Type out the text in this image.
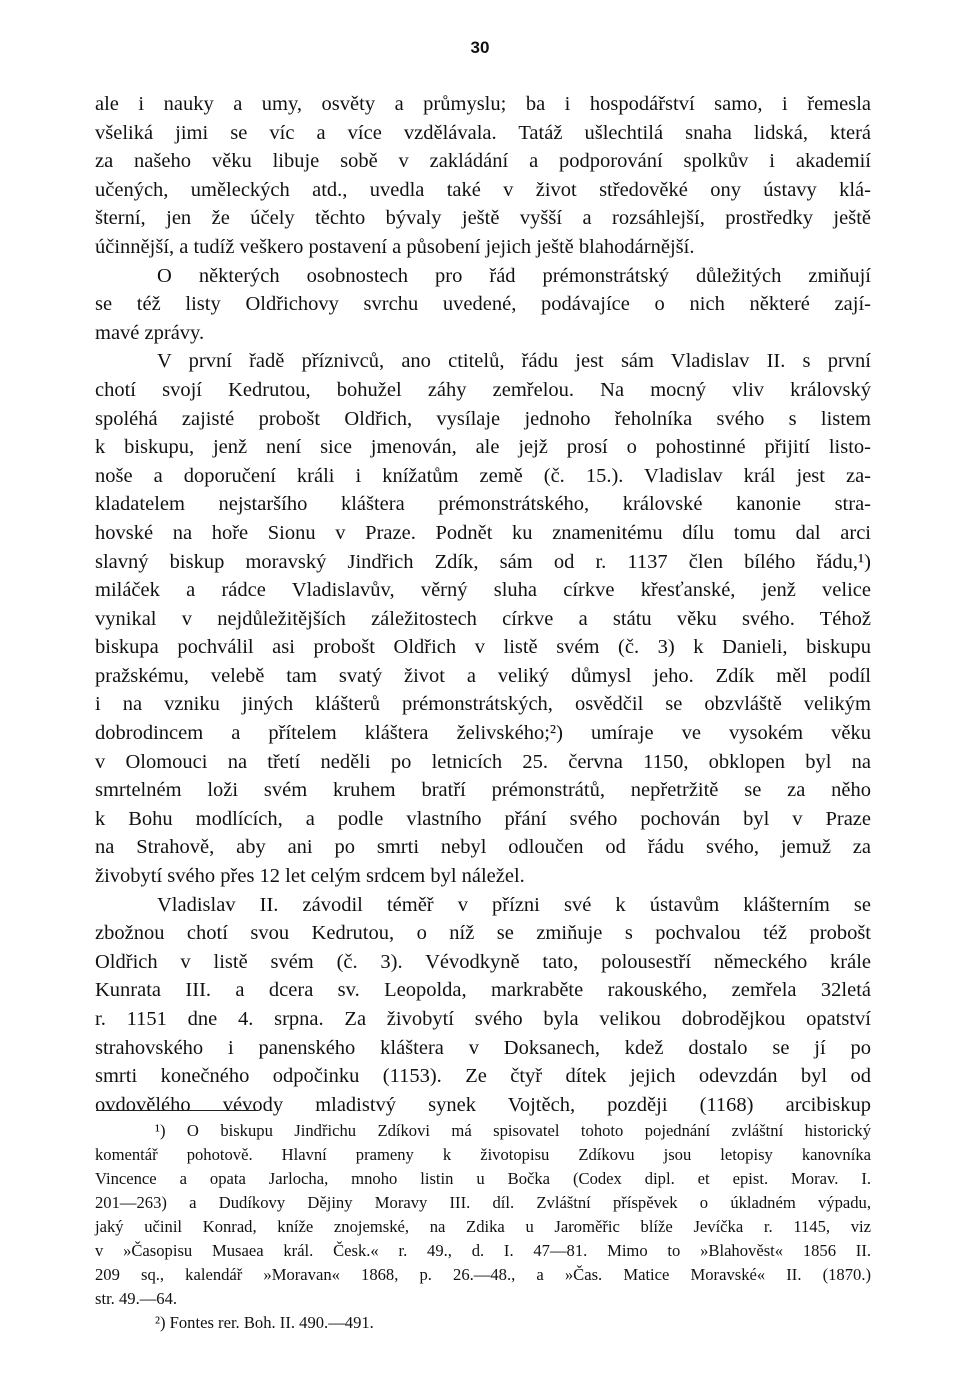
30
ale i nauky a umy, osvěty a průmyslu; ba i hospodářství samo, i řemesla
všeliká jimi se víc a více vzdělávala. Tatáž ušlechtilá snaha lidská, která
za našeho věku libuje sobě v zakládání a podporování spolkův i akademií
učených, uměleckých atd., uvedla také v život středověké ony ústavy klá-
šterní, jen že účely těchto bývaly ještě vyšší a rozsáhlejší, prostředky ještě
účinnější, a tudíž veškero postavení a působení jejich ještě blahodárnější.
O některých osobnostech pro řád prémonstrátský důležitých zmiňují
se též listy Oldřichovy svrchu uvedené, podávajíce o nich některé zají-
mavé zprávy.
V první řadě příznivců, ano ctitelů, řádu jest sám Vladislav II. s první
chotí svojí Kedrutou, bohužel záhy zemřelou. Na mocný vliv královský
spoléhá zajisté probošt Oldřich, vysílaje jednoho řeholníka svého s listem
k biskupu, jenž není sice jmenován, ale jejž prosí o pohostinné přijití listo-
noše a doporučení králi i knížatům země (č. 15.). Vladislav král jest za-
kladatelem nejstaršího kláštera prémonstrátského, královské kanonie stra-
hovské na hoře Sionu v Praze. Podnět ku znamenitému dílu tomu dal arci
slavný biskup moravský Jindřich Zdík, sám od r. 1137 člen bílého řádu,¹)
miláček a rádce Vladislavův, věrný sluha církve křesťanské, jenž velice
vynikal v nejdůležitějších záležitostech církve a státu věku svého. Téhož
biskupa pochválil asi probošt Oldřich v listě svém (č. 3) k Danieli, biskupu
pražskému, velebě tam svatý život a veliký důmysl jeho. Zdík měl podíl
i na vzniku jiných klášterů prémonstrátských, osvědčil se obzvláště velikým
dobrodincem a přítelem kláštera želivského;²) umíraje ve vysokém věku
v Olomouci na třetí neděli po letnicích 25. června 1150, obklopen byl na
smrtelném loži svém kruhem bratří prémonstrátů, nepřetržitě se za něho
k Bohu modlících, a podle vlastního přání svého pochován byl v Praze
na Strahově, aby ani po smrti nebyl odloučen od řádu svého, jemuž za
živobytí svého přes 12 let celým srdcem byl náležel.
Vladislav II. závodil téměř v přízni své k ústavům klášterním se
zbožnou chotí svou Kedrutou, o níž se zmiňuje s pochvalou též probošt
Oldřich v listě svém (č. 3). Vévodkyně tato, polousestří německého krále
Kunrata III. a dcera sv. Leopolda, markraběte rakouského, zemřela 32letá
r. 1151 dne 4. srpna. Za živobytí svého byla velikou dobrodějkou opatství
strahovského i panenského kláštera v Doksanech, kdež dostalo se jí po
smrti konečného odpočinku (1153). Ze čtyř dítek jejich odevzdán byl od
ovdovělého vévody mladistvý synek Vojtěch, později (1168) arcibiskup
¹) O biskupu Jindřichu Zdíkovi má spisovatel tohoto pojednání zvláštní historický
komentář pohotově. Hlavní prameny k životopisu Zdíkovu jsou letopisy kanovníka
Vincence a opata Jarlocha, mnoho listin u Bočka (Codex dipl. et epist. Morav. I.
201—263) a Dudíkovy Dějiny Moravy III. díl. Zvláštní příspěvek o úkladném výpadu,
jaký učinil Konrad, kníže znojemské, na Zdika u Jaroměřic blíže Jevíčka r. 1145, viz
v »Časopisu Musaea král. Česk.« r. 49., d. I. 47—81. Mimo to »Blahověst« 1856 II.
209 sq., kalendář »Moravan« 1868, p. 26.—48., a »Čas. Matice Moravské« II. (1870.)
str. 49.—64.
²) Fontes rer. Boh. II. 490.—491.
